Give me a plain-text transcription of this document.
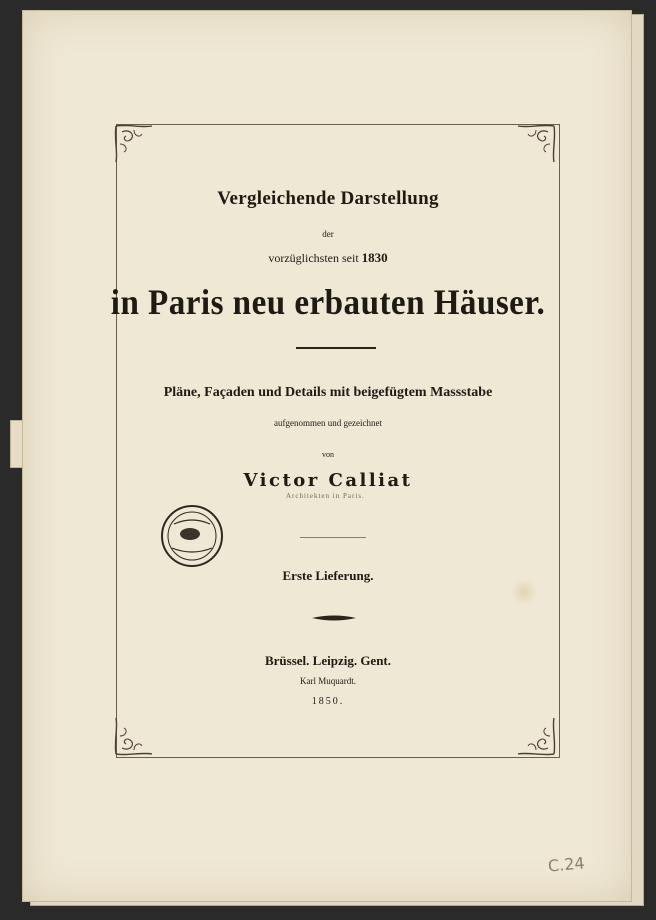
Vergleichende Darstellung
der
vorzüglichsten seit 1830
in Paris neu erbauten Häuser.
Pläne, Façaden und Details mit beigefügtem Massstabe
aufgenommen und gezeichnet
von
Victor Calliat
Architekten in Paris.
Erste Lieferung.
Brüssel. Leipzig. Gent.
Karl Muquardt.
1850.
C.24
